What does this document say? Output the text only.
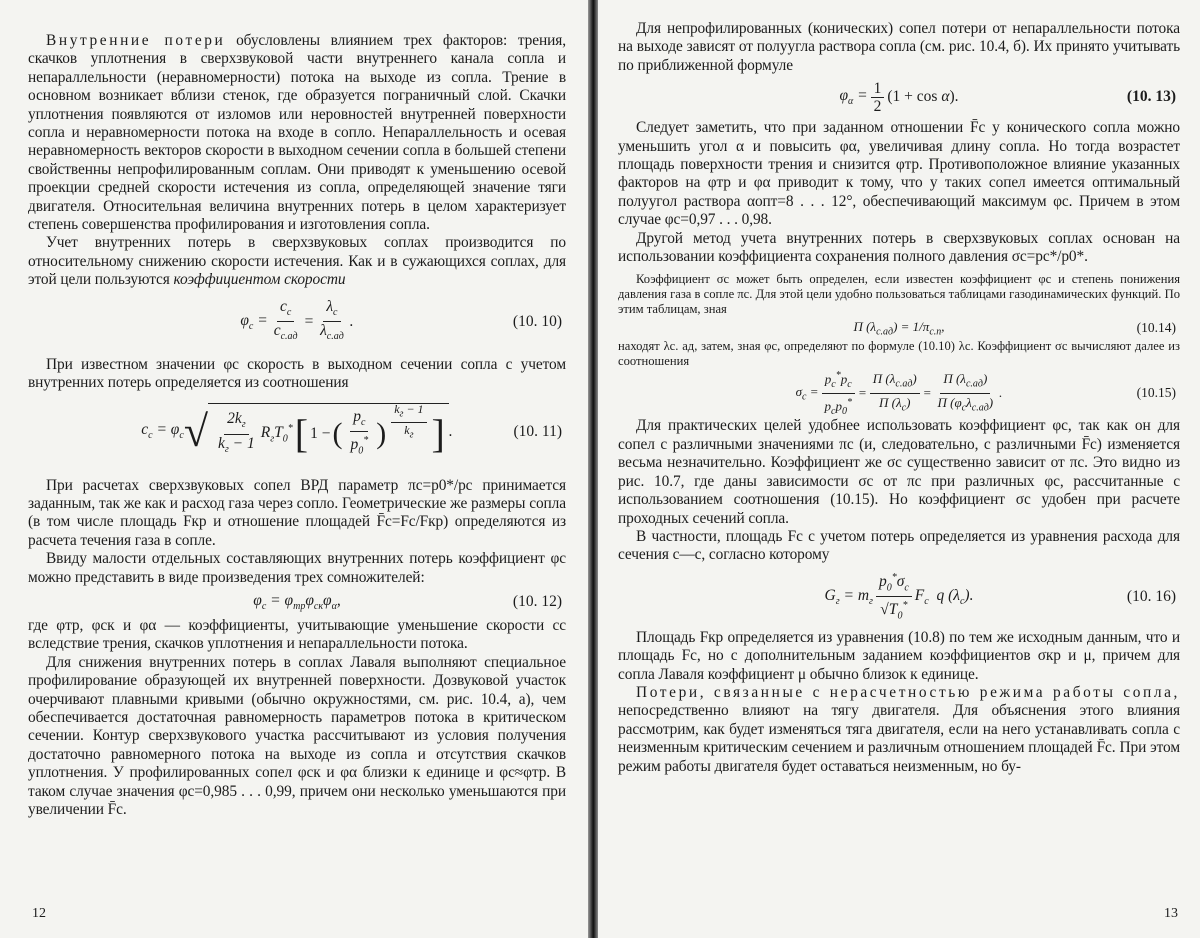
Внутренние потери обусловлены влиянием трех факторов: трения, скачков уплотнения в сверхзвуковой части внутреннего канала сопла и непараллельности (неравномерности) потока на выходе из сопла. Трение в основном возникает вблизи стенок, где образуется пограничный слой. Скачки уплотнения появляются от изломов или неровностей внутренней поверхности сопла и неравномерности потока на входе в сопло. Непараллельность и осевая неравномерность векторов скорости в выходном сечении сопла в большей степени свойственны непрофилированным соплам. Они приводят к уменьшению осевой проекции средней скорости истечения из сопла, определяющей значение тяги двигателя. Относительная величина внутренних потерь в целом характеризует степень совершенства профилирования и изготовления сопла.

Учет внутренних потерь в сверхзвуковых соплах производится по относительному снижению скорости истечения. Как и в сужающихся соплах, для этой цели пользуются коэффициентом скорости

$\varphi_c = \frac{c_c}{c_{c.ад}} = \frac{\lambda_c}{\lambda_{c.ад}}$ .	(10. 10)

При известном значении φс скорость в выходном сечении сопла с учетом внутренних потерь определяется из соотношения

$c_c = \varphi_c$ √ $\frac{2k_г}{k_г - 1} R_гT_0^*$ [ 1 − ( $\frac{p_c}{p_0^*}$ ) $\frac{k_г - 1}{k_г}$ ] .	(10. 11)

При расчетах сверхзвуковых сопел ВРД параметр πс=p0*/pс принимается заданным, так же как и расход газа через сопло. Геометрические же размеры сопла (в том числе площадь Fкр и отношение площадей F̄с=Fс/Fкр) определяются из расчета течения газа в сопле.

Ввиду малости отдельных составляющих внутренних потерь коэффициент φс можно представить в виде произведения трех сомножителей:

$\varphi_c = \varphi_{тр}\varphi_{ск}\varphi_\alpha$,	(10. 12)

где φтр, φск и φα — коэффициенты, учитывающие уменьшение скорости cс вследствие трения, скачков уплотнения и непараллельности потока.

Для снижения внутренних потерь в соплах Лаваля выполняют специальное профилирование образующей их внутренней поверхности. Дозвуковой участок очерчивают плавными кривыми (обычно окружностями, см. рис. 10.4, а), чем обеспечивается достаточная равномерность параметров потока в критическом сечении. Контур сверхзвукового участка рассчитывают из условия получения достаточно равномерного потока на выходе из сопла и отсутствия скачков уплотнения. У профилированных сопел φск и φα близки к единице и φс≈φтр. В таком случае значения φс=0,985 . . . 0,99, причем они несколько уменьшаются при увеличении F̄с.

12

Для непрофилированных (конических) сопел потери от непараллельности потока на выходе зависят от полуугла раствора сопла (см. рис. 10.4, б). Их принято учитывать по приближенной формуле

$\varphi_\alpha = \frac{1}{2} (1 + \cos \alpha)$.	(10. 13)

Следует заметить, что при заданном отношении F̄с у конического сопла можно уменьшить угол α и повысить φα, увеличивая длину сопла. Но тогда возрастет площадь поверхности трения и снизится φтр. Противоположное влияние указанных факторов на φтр и φα приводит к тому, что у таких сопел имеется оптимальный полуугол раствора αопт=8 . . . 12°, обеспечивающий максимум φс. Причем в этом случае φс=0,97 . . . 0,98.

Другой метод учета внутренних потерь в сверхзвуковых соплах основан на использовании коэффициента сохранения полного давления σс=pс*/p0*.

Коэффициент σс может быть определен, если известен коэффициент φс и степень понижения давления газа в сопле πс. Для этой цели удобно пользоваться таблицами газодинамических функций. По этим таблицам, зная

Π $(\lambda_{c.ад}) = 1/\pi_{c.п}$,	(10.14)

находят λс. ад, затем, зная φс, определяют по формуле (10.10) λс. Коэффициент σс вычисляют далее из соотношения

$\sigma_c = \frac{p_c^*p_c}{p_cp_0^*} = \frac{\Pi (\lambda_{c.ад})}{\Pi (\lambda_c)} = \frac{\Pi (\lambda_{c.ад})}{\Pi (\varphi_c\lambda_{c.ад})}$ .	(10.15)

Для практических целей удобнее использовать коэффициент φс, так как он для сопел с различными значениями πс (и, следовательно, с различными F̄с) изменяется весьма незначительно. Коэффициент же σс существенно зависит от πс. Это видно из рис. 10.7, где даны зависимости σс от πс при различных φс, рассчитанные с использованием соотношения (10.15). Но коэффициент σс удобен при расчете проходных сечений сопла.

В частности, площадь Fс с учетом потерь определяется из уравнения расхода для сечения с—с, согласно которому

$G_г = m_г \frac{p_0^*\sigma_c}{√T_0^*} F_c$  q $(\lambda_c)$.	(10. 16)

Площадь Fкр определяется из уравнения (10.8) по тем же исходным данным, что и площадь Fс, но с дополнительным заданием коэффициентов σкр и μ, причем для сопла Лаваля коэффициент μ обычно близок к единице.

Потери, связанные с нерасчетностью режима работы сопла, непосредственно влияют на тягу двигателя. Для объяснения этого влияния рассмотрим, как будет изменяться тяга двигателя, если на него устанавливать сопла с неизменным критическим сечением и различным отношением площадей F̄с. При этом режим работы двигателя будет оставаться неизменным, но бу-

13
